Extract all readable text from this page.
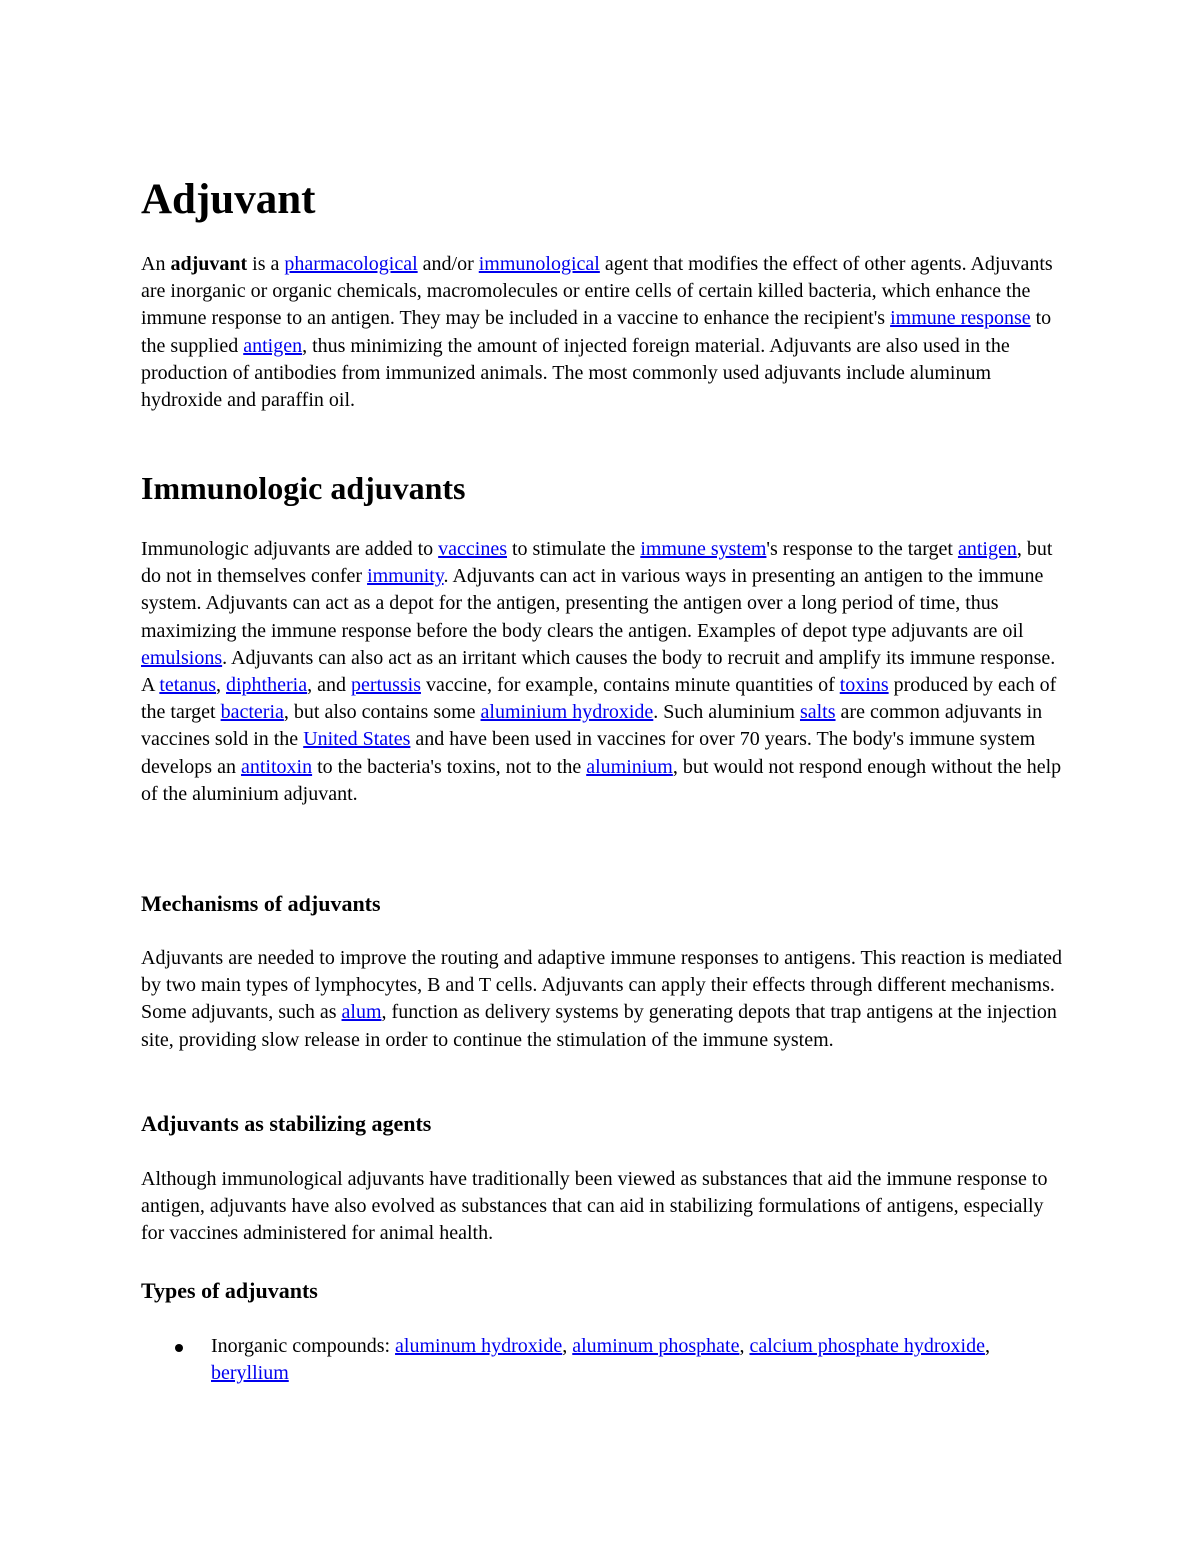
Adjuvant

An adjuvant is a pharmacological and/or immunological agent that modifies the effect of other agents. Adjuvants are inorganic or organic chemicals, macromolecules or entire cells of certain killed bacteria, which enhance the immune response to an antigen. They may be included in a vaccine to enhance the recipient's immune response to the supplied antigen, thus minimizing the amount of injected foreign material. Adjuvants are also used in the production of antibodies from immunized animals. The most commonly used adjuvants include aluminum hydroxide and paraffin oil.

Immunologic adjuvants

Immunologic adjuvants are added to vaccines to stimulate the immune system's response to the target antigen, but do not in themselves confer immunity. Adjuvants can act in various ways in presenting an antigen to the immune system. Adjuvants can act as a depot for the antigen, presenting the antigen over a long period of time, thus maximizing the immune response before the body clears the antigen. Examples of depot type adjuvants are oil emulsions. Adjuvants can also act as an irritant which causes the body to recruit and amplify its immune response. A tetanus, diphtheria, and pertussis vaccine, for example, contains minute quantities of toxins produced by each of the target bacteria, but also contains some aluminium hydroxide. Such aluminium salts are common adjuvants in vaccines sold in the United States and have been used in vaccines for over 70 years. The body's immune system develops an antitoxin to the bacteria's toxins, not to the aluminium, but would not respond enough without the help of the aluminium adjuvant.

Mechanisms of adjuvants

Adjuvants are needed to improve the routing and adaptive immune responses to antigens. This reaction is mediated by two main types of lymphocytes, B and T cells. Adjuvants can apply their effects through different mechanisms. Some adjuvants, such as alum, function as delivery systems by generating depots that trap antigens at the injection site, providing slow release in order to continue the stimulation of the immune system.

Adjuvants as stabilizing agents

Although immunological adjuvants have traditionally been viewed as substances that aid the immune response to antigen, adjuvants have also evolved as substances that can aid in stabilizing formulations of antigens, especially for vaccines administered for animal health.

Types of adjuvants
Inorganic compounds: aluminum hydroxide, aluminum phosphate, calcium phosphate hydroxide, beryllium
